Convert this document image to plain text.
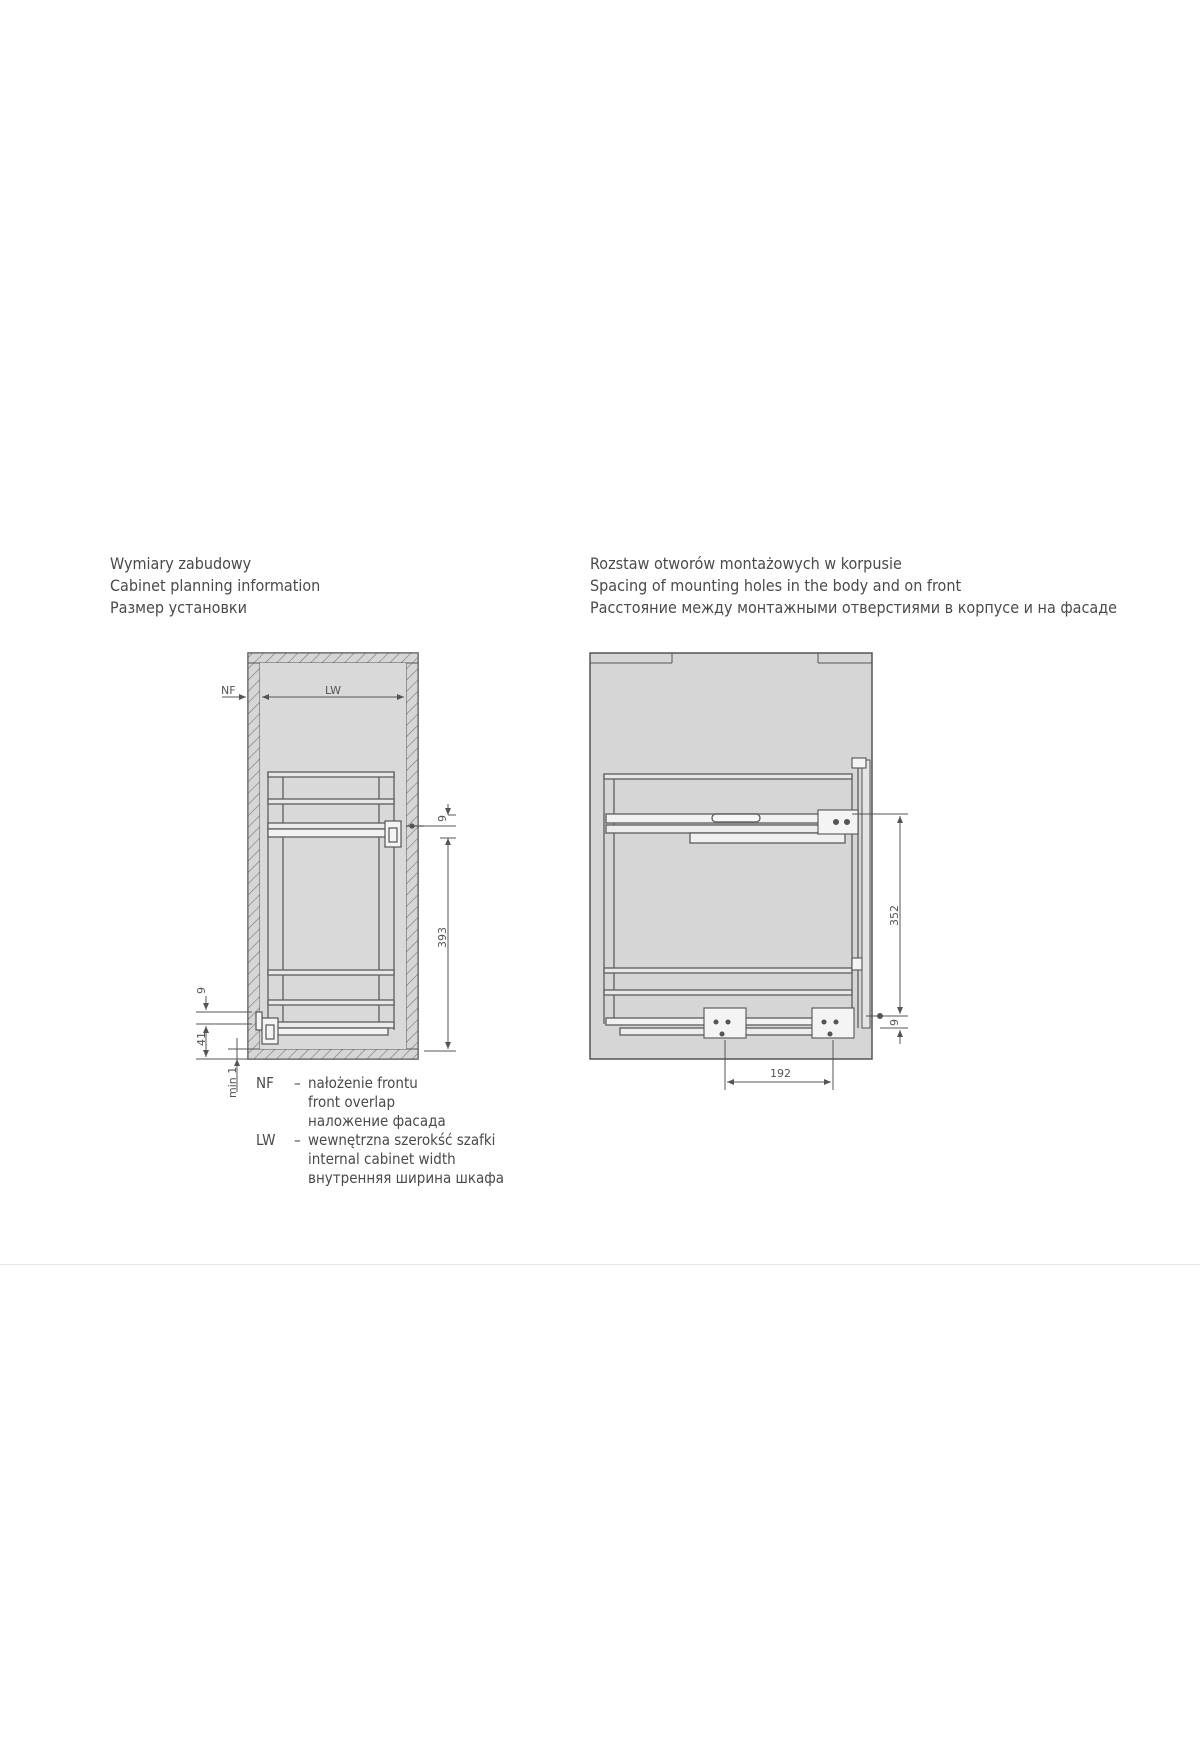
Wymiary zabudowy
Cabinet planning information
Размер установки
Rozstaw otworów montażowych w korpusie
Spacing of mounting holes in the body and on front
Расстояние между монтажными отверстиями в корпусе и на фасаде
NF	LW
9
393
9
41
min 1
352
9
192
NF	– nałożenie frontu
front overlap
наложение фасада
LW	– wewnętrzna szerokść szafki
internal cabinet width
внутренняя ширина шкафа
